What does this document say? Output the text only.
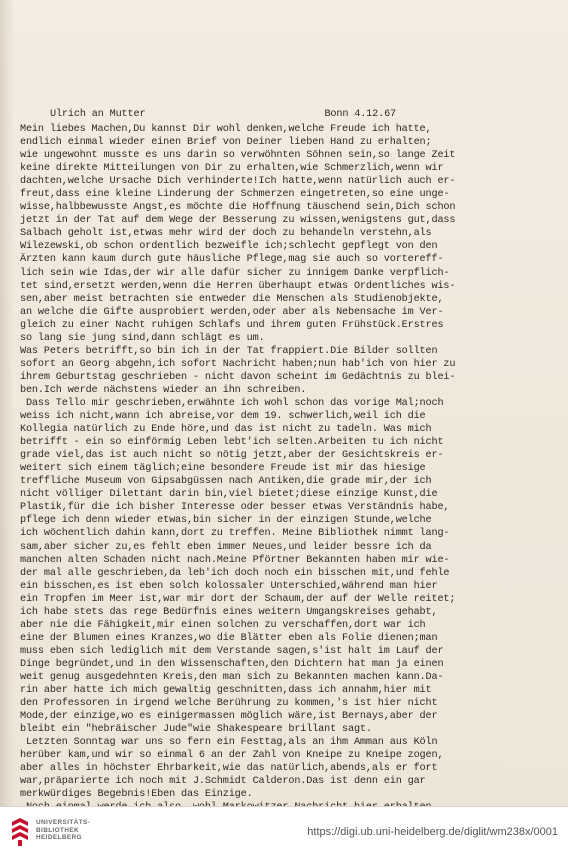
Ulrich an Mutter	Bonn 4.12.67
Mein liebes Machen,Du kannst Dir wohl denken,welche Freude ich hatte,
endlich einmal wieder einen Brief von Deiner lieben Hand zu erhalten;
wie ungewohnt musste es uns darin so verwöhnten Söhnen sein,so lange Zeit
keine direkte Mitteilungen von Dir zu erhalten,wie Schmerzlich,wenn wir
dachten,welche Ursache Dich verhinderte!Ich hatte,wenn natürlich auch er-
freut,dass eine kleine Linderung der Schmerzen eingetreten,so eine unge-
wisse,halbbewusste Angst,es möchte die Hoffnung täuschend sein,Dich schon
jetzt in der Tat auf dem Wege der Besserung zu wissen,wenigstens gut,dass
Salbach geholt ist,etwas mehr wird der doch zu behandeln verstehn,als
Wilezewski,ob schon ordentlich bezweifle ich;schlecht gepflegt von den
Ärzten kann kaum durch gute häusliche Pflege,mag sie auch so vortereff-
lich sein wie Idas,der wir alle dafür sicher zu innigem Danke verpflich-
tet sind,ersetzt werden,wenn die Herren überhaupt etwas Ordentliches wis-
sen,aber meist betrachten sie entweder die Menschen als Studienobjekte,
an welche die Gifte ausprobiert werden,oder aber als Nebensache im Ver-
gleich zu einer Nacht ruhigen Schlafs und ihrem guten Frühstück.Erstres
so lang sie jung sind,dann schlägt es um.
Was Peters betrifft,so bin ich in der Tat frappiert.Die Bilder sollten
sofort an Georg abgehn,ich sofort Nachricht haben;nun hab'ich von hier zu
ihrem Geburtstag geschrieben - nicht davon scheint im Gedächtnis zu blei-
ben.Ich werde nächstens wieder an ihn schreiben.
Dass Tello mir geschrieben,erwähnte ich wohl schon das vorige Mal;noch
weiss ich nicht,wann ich abreise,vor dem 19. schwerlich,weil ich die
Kollegia natürlich zu Ende höre,und das ist nicht zu tadeln. Was mich
betrifft - ein so einförmig Leben lebt'ich selten.Arbeiten tu ich nicht
grade viel,das ist auch nicht so nötig jetzt,aber der Gesichtskreis er-
weitert sich einem täglich;eine besondere Freude ist mir das hiesige
treffliche Museum von Gipsabgüssen nach Antiken,die grade mir,der ich
nicht völliger Dilettant darin bin,viel bietet;diese einzige Kunst,die
Plastik,für die ich bisher Interesse oder besser etwas Verständnis habe,
pflege ich denn wieder etwas,bin sicher in der einzigen Stunde,welche
ich wöchentlich dahin kann,dort zu treffen. Meine Bibliothek nimmt lang-
sam,aber sicher zu,es fehlt eben immer Neues,und leider bessre ich da
manchen alten Schaden nicht nach.Meine Pförtner Bekannten haben mir wie-
der mal alle geschrieben,da leb'ich doch noch ein bisschen mit,und fehle
ein bisschen,es ist eben solch kolossaler Unterschied,während man hier
ein Tropfen im Meer ist,war mir dort der Schaum,der auf der Welle reitet;
ich habe stets das rege Bedürfnis eines weitern Umgangskreises gehabt,
aber nie die Fähigkeit,mir einen solchen zu verschaffen,dort war ich
eine der Blumen eines Kranzes,wo die Blätter eben als Folie dienen;man
muss eben sich lediglich mit dem Verstande sagen,s'ist halt im Lauf der
Dinge begründet,und in den Wissenschaften,den Dichtern hat man ja einen
weit genug ausgedehnten Kreis,den man sich zu Bekannten machen kann.Da-
rin aber hatte ich mich gewaltig geschnitten,dass ich annahm,hier mit
den Professoren in irgend welche Berührung zu kommen,'s ist hier nicht
Mode,der einzige,wo es einigermassen möglich wäre,ist Bernays,aber der
bleibt ein "hebräischer Jude"wie Shakespeare brillant sagt.
Letzten Sonntag war uns so fern ein Festtag,als an ihm Amman aus Köln
herüber kam,und wir so einmal 6 an der Zahl von Kneipe zu Kneipe zogen,
aber alles in höchster Ehrbarkeit,wie das natürlich,abends,als er fort
war,präparierte ich noch mit J.Schmidt Calderon.Das ist denn ein gar
merkwürdiges Begebnis!Eben das Einzige.
UNIVERSITÄTS-
BIBLIOTHEK
HEIDELBERG	https://digi.ub.uni-heidelberg.de/diglit/wm238x/0001
